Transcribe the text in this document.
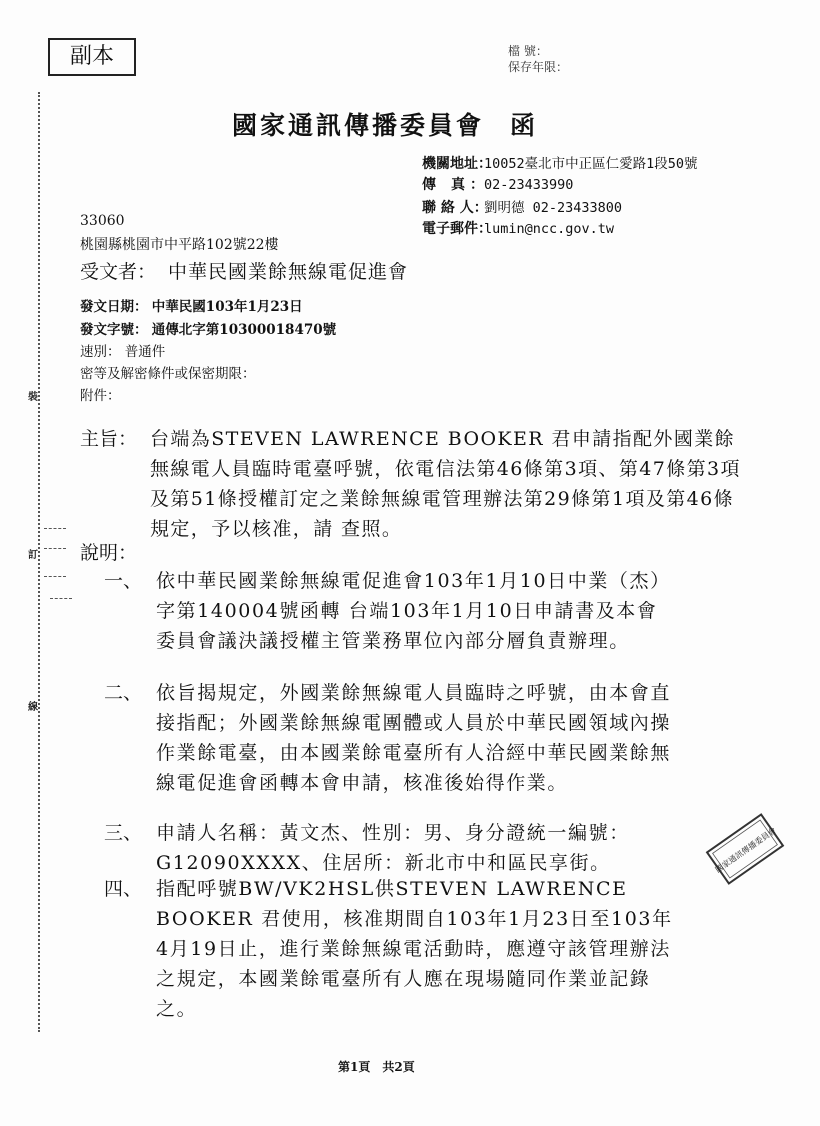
副本	檔 號：
保存年限：
國家通訊傳播委員會 函
機關地址：10052臺北市中正區仁愛路1段50號
傳 真：02-23433990
聯 絡 人：劉明德 02-23433800
電子郵件：lumin@ncc.gov.tw
33060
桃園縣桃園市中平路102號22樓
受文者： 中華民國業餘無線電促進會
發文日期： 中華民國103年1月23日
發文字號： 通傳北字第10300018470號
速別： 普通件
密等及解密條件或保密期限：
附件：
主旨： 台端為STEVEN LAWRENCE BOOKER 君申請指配外國業餘無線電人員臨時電臺呼號，依電信法第46條第3項、第47條第3項及第51條授權訂定之業餘無線電管理辦法第29條第1項及第46條規定，予以核准，請 查照。
說明：
一、 依中華民國業餘無線電促進會103年1月10日中業（杰）字第140004號函轉 台端103年1月10日申請書及本會委員會議決議授權主管業務單位內部分層負責辦理。
二、 依旨揭規定，外國業餘無線電人員臨時之呼號，由本會直接指配；外國業餘無線電團體或人員於中華民國領域內操作業餘電臺，由本國業餘電臺所有人洽經中華民國業餘無線電促進會函轉本會申請，核准後始得作業。
三、 申請人名稱：黃文杰、性別：男、身分證統一編號：G12090XXXX、住居所：新北市中和區民享街。
四、 指配呼號BW/VK2HSL供STEVEN LAWRENCE BOOKER 君使用，核准期間自103年1月23日至103年4月19日止，進行業餘無線電活動時，應遵守該管理辦法之規定，本國業餘電臺所有人應在現場隨同作業並記錄之。
第1頁 共2頁
裝
訂
線
國家通訊傳播委員會
